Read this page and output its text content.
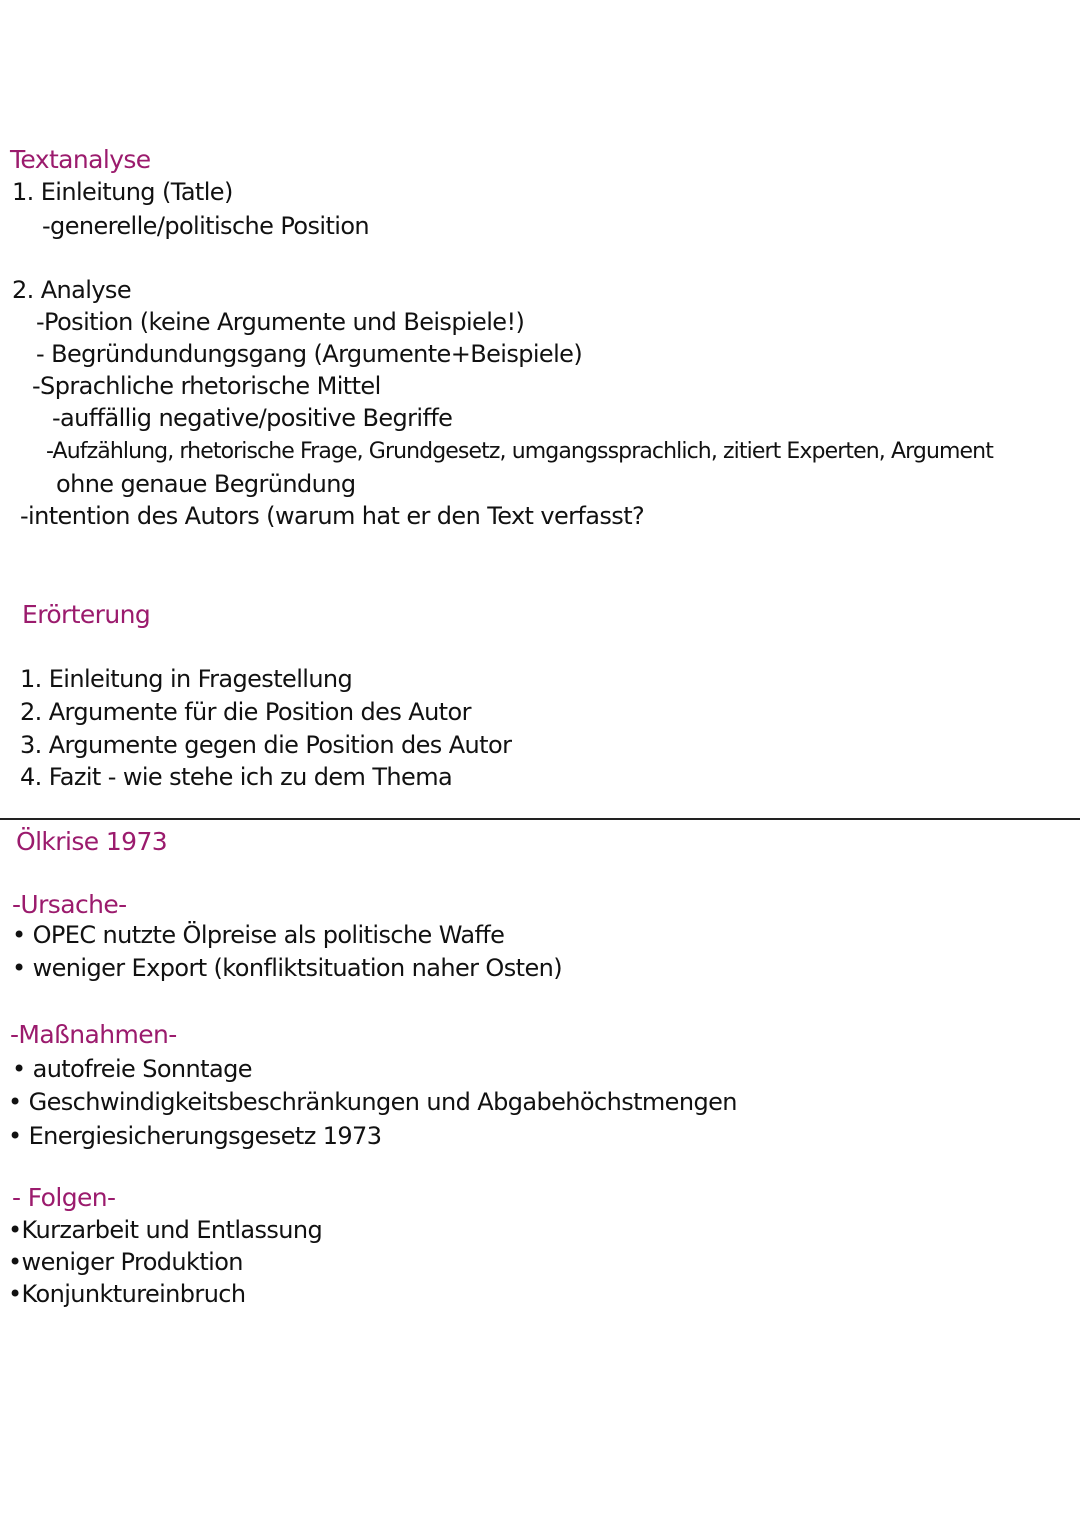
Textanalyse
1. Einleitung (Tatle)
-generelle/politische Position
2. Analyse
-Position (keine Argumente und Beispiele!)
- Begründundungsgang (Argumente+Beispiele)
-Sprachliche rhetorische Mittel
-auffällig negative/positive Begriffe
-Aufzählung, rhetorische Frage, Grundgesetz, umgangssprachlich, zitiert Experten, Argument
ohne genaue Begründung
-intention des Autors (warum hat er den Text verfasst?
Erörterung
1. Einleitung in Fragestellung
2. Argumente für die Position des Autor
3. Argumente gegen die Position des Autor
4. Fazit - wie stehe ich zu dem Thema
Ölkrise 1973
-Ursache-
• OPEC nutzte Ölpreise als politische Waffe
• weniger Export (konfliktsituation naher Osten)
-Maßnahmen-
• autofreie Sonntage
• Geschwindigkeitsbeschränkungen und Abgabehöchstmengen
• Energiesicherungsgesetz 1973
- Folgen-
•Kurzarbeit und Entlassung
•weniger Produktion
•Konjunktureinbruch
